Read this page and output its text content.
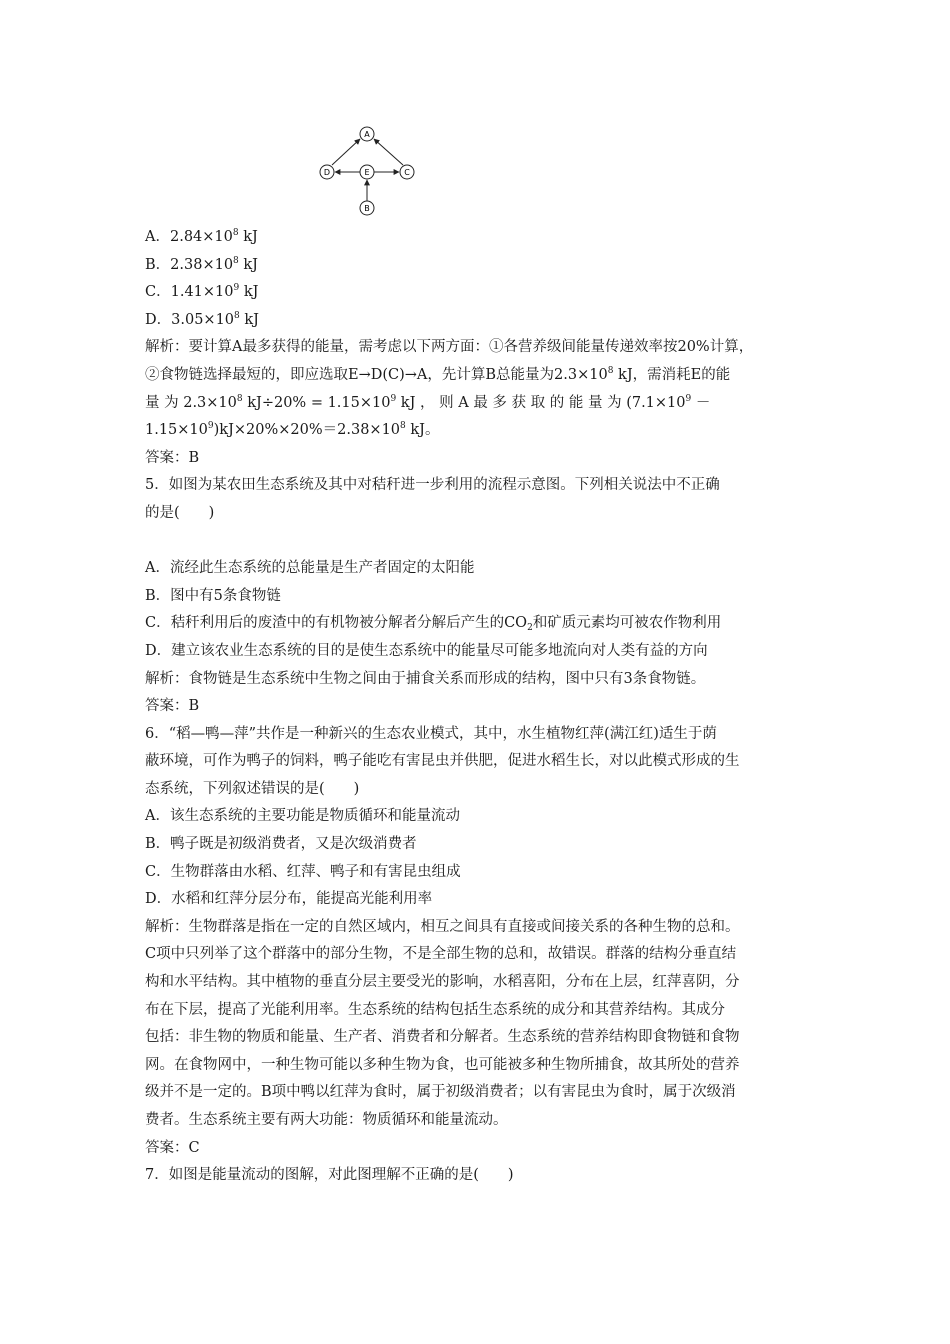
A
D	E	C
B
A．$2.84\times 10^8$ kJ
B．$2.38\times 10^8$ kJ
C．$1.41\times 10^9$ kJ
D．$3.05\times 10^8$ kJ
解析：要计算A最多获得的能量，需考虑以下两方面：①各营养级间能量传递效率按20%计算，
②食物链选择最短的，即应选取E→D(C)→A，先计算B总能量为$2.3\times 10^8$ kJ，需消耗E的能
量 为 $2.3\times 10^8$ $kJ\div 20\% = 1.15\times 10^9$ kJ ， 则 A 最 多 获 取 的 能 量 为 ($7.1\times 10^9$ －
$1.15\times 10^9)kJ\times 20\%\times 20\%=2.38\times 10^8$ kJ。
答案：B
5．如图为某农田生态系统及其中对秸秆进一步利用的流程示意图。下列相关说法中不正确
的是(　　)
A．流经此生态系统的总能量是生产者固定的太阳能
B．图中有5条食物链
C．秸秆利用后的废渣中的有机物被分解者分解后产生的$CO_2$和矿质元素均可被农作物利用
D．建立该农业生态系统的目的是使生态系统中的能量尽可能多地流向对人类有益的方向
解析：食物链是生态系统中生物之间由于捕食关系而形成的结构，图中只有3条食物链。
答案：B
6．“稻—鸭—萍”共作是一种新兴的生态农业模式，其中，水生植物红萍(满江红)适生于荫
蔽环境，可作为鸭子的饲料，鸭子能吃有害昆虫并供肥，促进水稻生长，对以此模式形成的生
态系统，下列叙述错误的是(　　)
A．该生态系统的主要功能是物质循环和能量流动
B．鸭子既是初级消费者，又是次级消费者
C．生物群落由水稻、红萍、鸭子和有害昆虫组成
D．水稻和红萍分层分布，能提高光能利用率
解析：生物群落是指在一定的自然区域内，相互之间具有直接或间接关系的各种生物的总和。
C项中只列举了这个群落中的部分生物，不是全部生物的总和，故错误。群落的结构分垂直结
构和水平结构。其中植物的垂直分层主要受光的影响，水稻喜阳，分布在上层，红萍喜阴，分
布在下层，提高了光能利用率。生态系统的结构包括生态系统的成分和其营养结构。其成分
包括：非生物的物质和能量、生产者、消费者和分解者。生态系统的营养结构即食物链和食物
网。在食物网中，一种生物可能以多种生物为食，也可能被多种生物所捕食，故其所处的营养
级并不是一定的。B项中鸭以红萍为食时，属于初级消费者；以有害昆虫为食时，属于次级消
费者。生态系统主要有两大功能：物质循环和能量流动。
答案：C
7．如图是能量流动的图解，对此图理解不正确的是(　　)
